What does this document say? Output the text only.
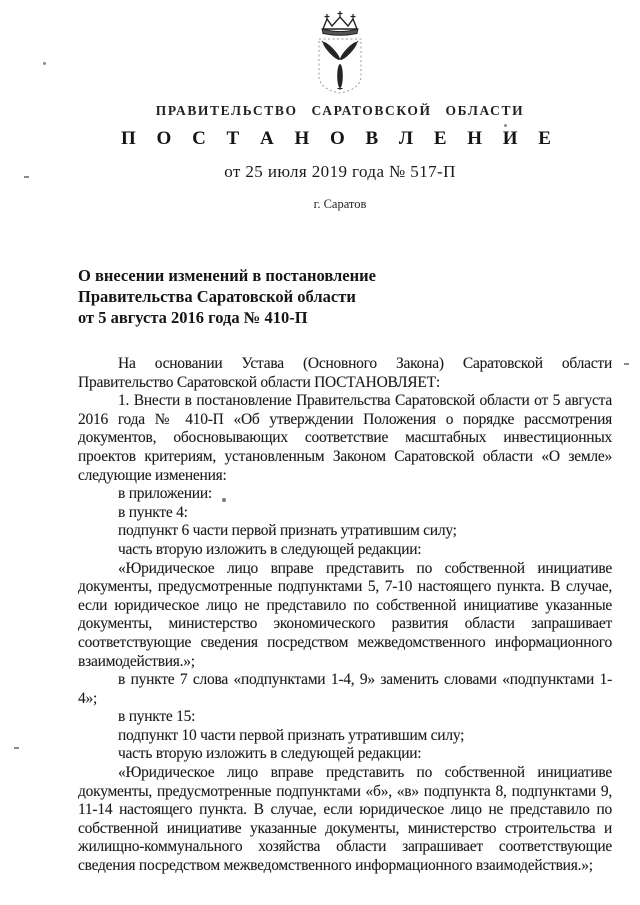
ПРАВИТЕЛЬСТВО САРАТОВСКОЙ ОБЛАСТИ
П О С Т А Н О В Л Е Н И Е
от 25 июля 2019 года № 517-П
г. Саратов
О внесении изменений в постановление
Правительства Саратовской области
от 5 августа 2016 года № 410-П

На основании Устава (Основного Закона) Саратовской области Правительство Саратовской области ПОСТАНОВЛЯЕТ:

1. Внести в постановление Правительства Саратовской области от 5 августа 2016 года № 410-П «Об утверждении Положения о порядке рассмотрения документов, обосновывающих соответствие масштабных инвестиционных проектов критериям, установленным Законом Саратовской области «О земле» следующие изменения:

в приложении:

в пункте 4:

подпункт 6 части первой признать утратившим силу;

часть вторую изложить в следующей редакции:

«Юридическое лицо вправе представить по собственной инициативе документы, предусмотренные подпунктами 5, 7-10 настоящего пункта. В случае, если юридическое лицо не представило по собственной инициативе указанные документы, министерство экономического развития области запрашивает соответствующие сведения посредством межведомственного информационного взаимодействия.»;

в пункте 7 слова «подпунктами 1-4, 9» заменить словами «подпунктами 1-4»;

в пункте 15:

подпункт 10 части первой признать утратившим силу;

часть вторую изложить в следующей редакции:

«Юридическое лицо вправе представить по собственной инициативе документы, предусмотренные подпунктами «б», «в» подпункта 8, подпунктами 9, 11-14 настоящего пункта. В случае, если юридическое лицо не представило по собственной инициативе указанные документы, министерство строительства и жилищно-коммунального хозяйства области запрашивает соответствующие сведения посредством межведомственного информационного взаимодействия.»;
